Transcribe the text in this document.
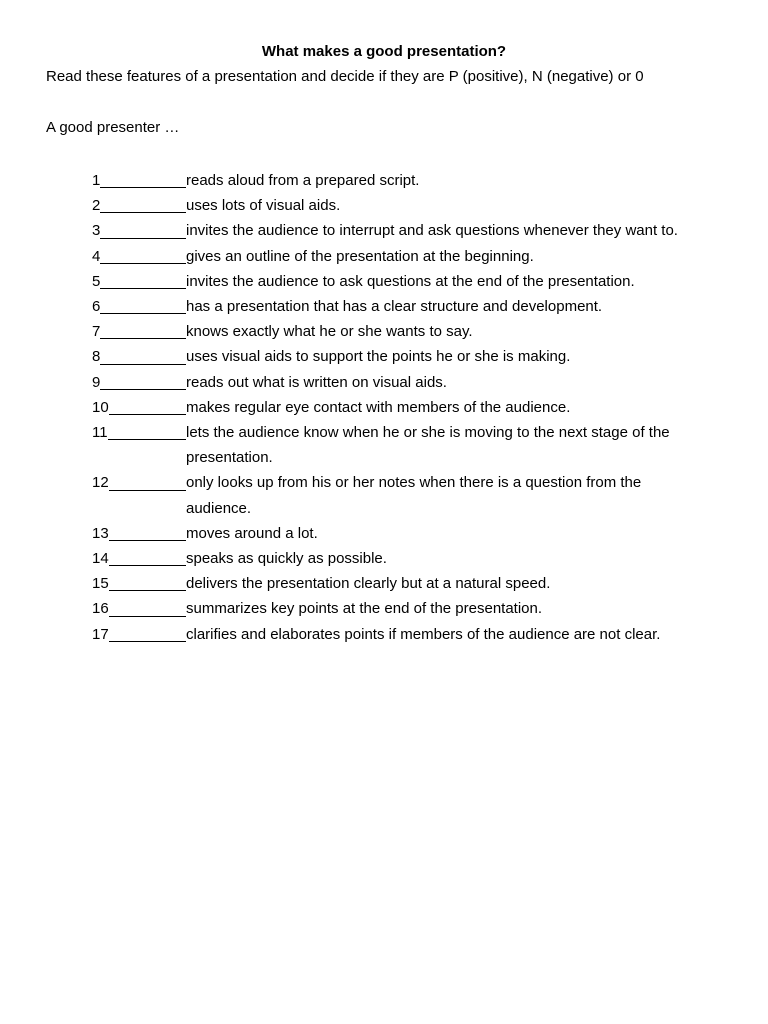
What makes a good presentation?
Read these features of a presentation and decide if they are P (positive), N (negative) or 0
A good presenter …
1	reads aloud from a prepared script.
2	uses lots of visual aids.
3	invites the audience to interrupt and ask questions whenever they want to.
4	gives an outline of the presentation at the beginning.
5	invites the audience to ask questions at the end of the presentation.
6	has a presentation that has a clear structure and development.
7	knows exactly what he or she wants to say.
8	uses visual aids to support the points he or she is making.
9	reads out what is written on visual aids.
10	makes regular eye contact with members of the audience.
11	lets the audience know when he or she is moving to the next stage of the presentation.
12	only looks up from his or her notes when there is a question from the audience.
13	moves around a lot.
14	speaks as quickly as possible.
15	delivers the presentation clearly but at a natural speed.
16	summarizes key points at the end of the presentation.
17	clarifies and elaborates points if members of the audience are not clear.
